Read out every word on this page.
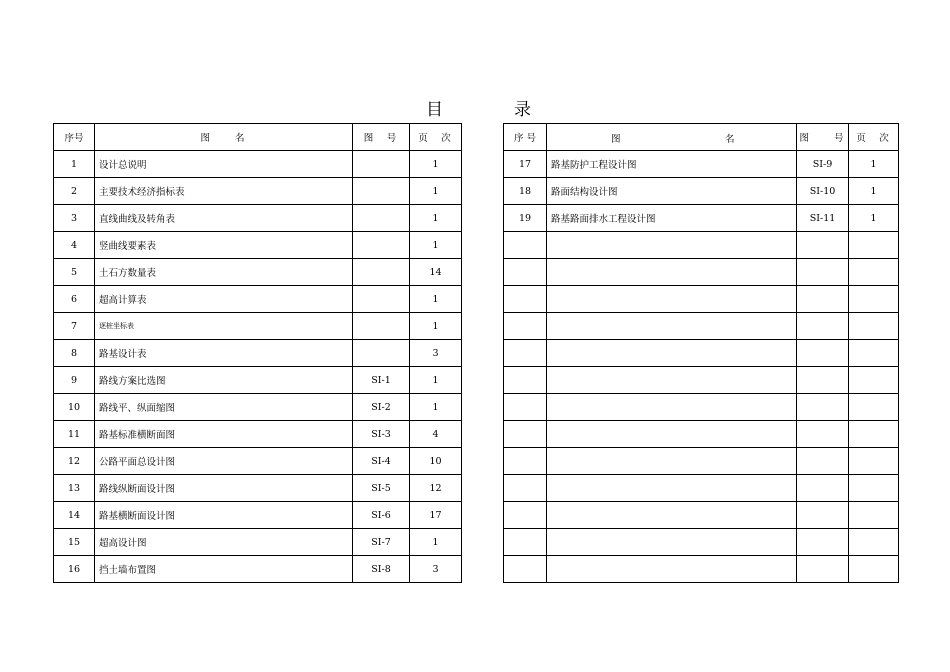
目	录
序号	图　　名	图　号	页　次
1	设计总说明		1
2	主要技术经济指标表		1
3	直线曲线及转角表		1
4	竖曲线要素表		1
5	土石方数量表		14
6	超高计算表		1
7	逐桩坐标表		1
8	路基设计表		3
9	路线方案比选图	SI-1	1
10	路线平、纵面缩图	SI-2	1
11	路基标准横断面图	SI-3	4
12	公路平面总设计图	SI-4	10
13	路线纵断面设计图	SI-5	12
14	路基横断面设计图	SI-6	17
15	超高设计图	SI-7	1
16	挡土墙布置图	SI-8	3
序 号	图 名	图　　号	页　次
17	路基防护工程设计图	SI-9	1
18	路面结构设计图	SI-10	1
19	路基路面排水工程设计图	SI-11	1
